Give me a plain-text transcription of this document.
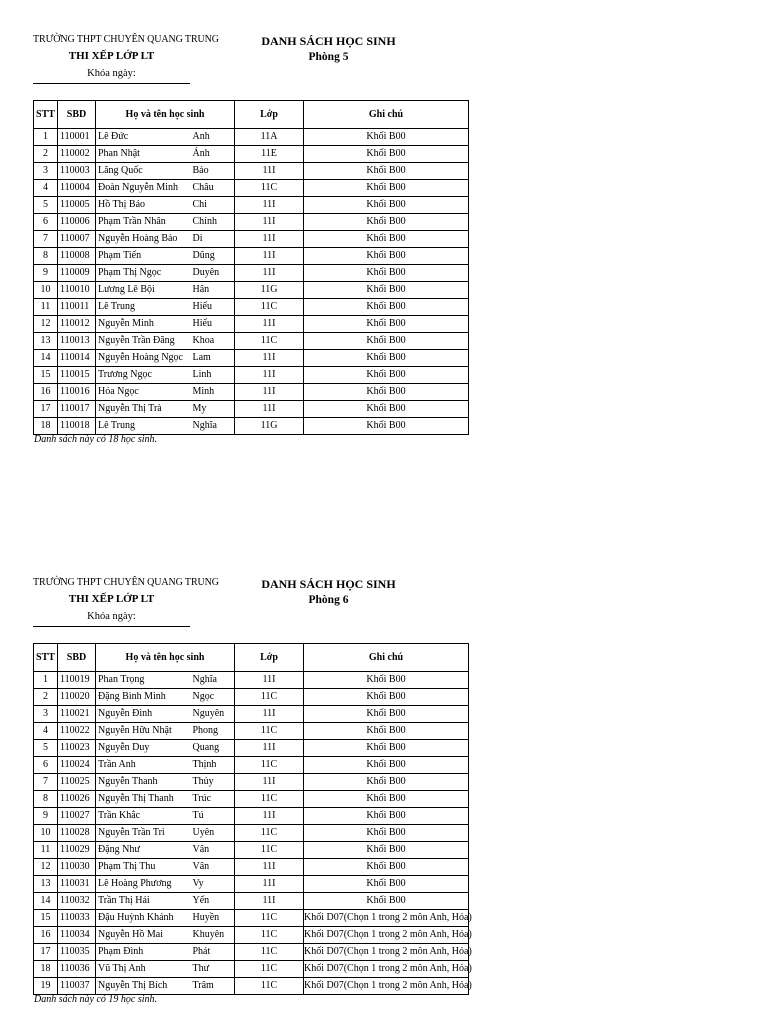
TRƯỜNG THPT CHUYÊN QUANG TRUNG
THI XẾP LỚP LT
Khóa ngày:
DANH SÁCH HỌC SINH
Phòng 5
STT	SBD	Họ và tên học sinh		Lớp	Ghi chú
1	110001	Lê Đức	Anh	11A	Khối B00
2	110002	Phan Nhật	Ánh	11E	Khối B00
3	110003	Lăng Quốc	Bảo	11I	Khối B00
4	110004	Đoàn Nguyễn Minh	Châu	11C	Khối B00
5	110005	Hồ Thị Bảo	Chi	11I	Khối B00
6	110006	Phạm Trần Nhân	Chính	11I	Khối B00
7	110007	Nguyễn Hoàng Bảo	Di	11I	Khối B00
8	110008	Phạm Tiến	Dũng	11I	Khối B00
9	110009	Phạm Thị Ngọc	Duyên	11I	Khối B00
10	110010	Lương Lê Bội	Hân	11G	Khối B00
11	110011	Lê Trung	Hiếu	11C	Khối B00
12	110012	Nguyễn Minh	Hiếu	11I	Khối B00
13	110013	Nguyễn Trần Đăng	Khoa	11C	Khối B00
14	110014	Nguyễn Hoàng Ngọc	Lam	11I	Khối B00
15	110015	Trương Ngọc	Linh	11I	Khối B00
16	110016	Hỏa Ngọc	Minh	11I	Khối B00
17	110017	Nguyễn Thị Trà	My	11I	Khối B00
18	110018	Lê Trung	Nghĩa	11G	Khối B00
Danh sách này có 18 học sinh.
TRƯỜNG THPT CHUYÊN QUANG TRUNG
THI XẾP LỚP LT
Khóa ngày:
DANH SÁCH HỌC SINH
Phòng 6
STT	SBD	Họ và tên học sinh		Lớp	Ghi chú
1	110019	Phan Trọng	Nghĩa	11I	Khối B00
2	110020	Đặng Bình Minh	Ngọc	11C	Khối B00
3	110021	Nguyễn Đình	Nguyên	11I	Khối B00
4	110022	Nguyễn Hữu Nhật	Phong	11C	Khối B00
5	110023	Nguyễn Duy	Quang	11I	Khối B00
6	110024	Trần Anh	Thịnh	11C	Khối B00
7	110025	Nguyễn Thanh	Thủy	11I	Khối B00
8	110026	Nguyễn Thị Thanh	Trúc	11C	Khối B00
9	110027	Trần Khắc	Tú	11I	Khối B00
10	110028	Nguyễn Trần Tri	Uyên	11C	Khối B00
11	110029	Đặng Như	Vân	11C	Khối B00
12	110030	Phạm Thị Thu	Vân	11I	Khối B00
13	110031	Lê Hoàng Phương	Vy	11I	Khối B00
14	110032	Trần Thị Hải	Yến	11I	Khối B00
15	110033	Đậu Huỳnh Khánh	Huyền	11C	Khối D07(Chọn 1 trong 2 môn Anh, Hóa)
16	110034	Nguyễn Hồ Mai	Khuyên	11C	Khối D07(Chọn 1 trong 2 môn Anh, Hóa)
17	110035	Phạm Đình	Phát	11C	Khối D07(Chọn 1 trong 2 môn Anh, Hóa)
18	110036	Vũ Thị Anh	Thư	11C	Khối D07(Chọn 1 trong 2 môn Anh, Hóa)
19	110037	Nguyễn Thị Bích	Trâm	11C	Khối D07(Chọn 1 trong 2 môn Anh, Hóa)
Danh sách này có 19 học sinh.
